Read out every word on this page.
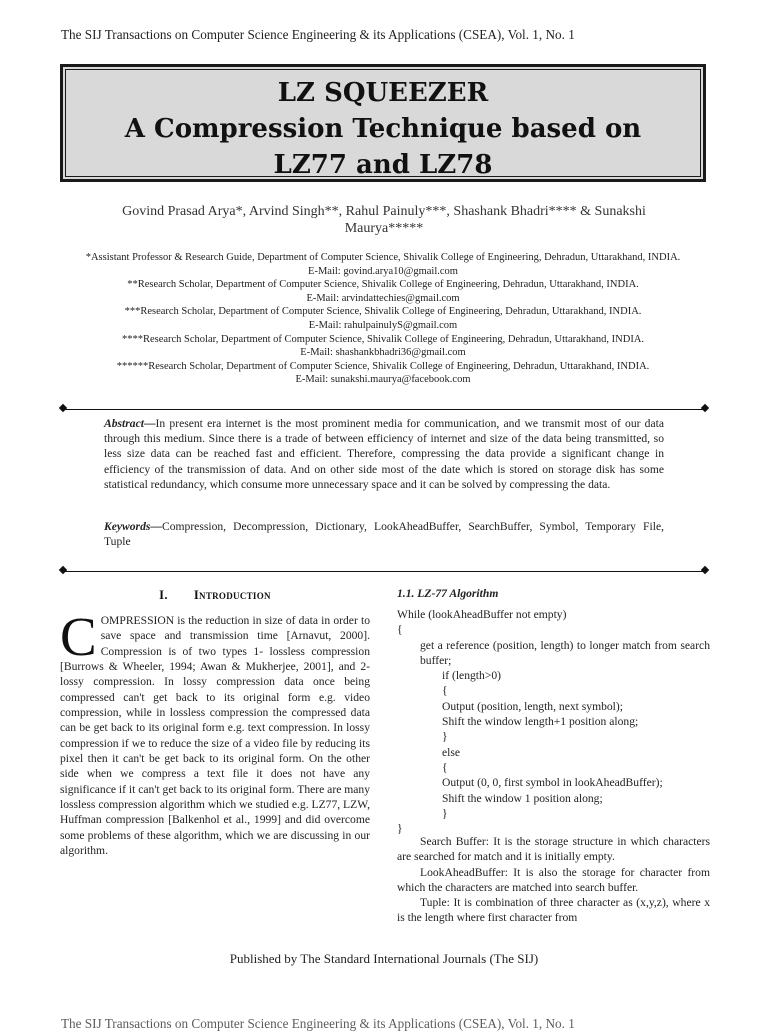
The SIJ Transactions on Computer Science Engineering & its Applications (CSEA), Vol. 1, No. 1
LZ SQUEEZER
A Compression Technique based on
LZ77 and LZ78
Govind Prasad Arya*, Arvind Singh**, Rahul Painuly***, Shashank Bhadri**** & Sunakshi
Maurya*****
*Assistant Professor & Research Guide, Department of Computer Science, Shivalik College of Engineering, Dehradun, Uttarakhand, INDIA.
E-Mail: govind.arya10@gmail.com
**Research Scholar, Department of Computer Science, Shivalik College of Engineering, Dehradun, Uttarakhand, INDIA.
E-Mail: arvindattechies@gmail.com
***Research Scholar, Department of Computer Science, Shivalik College of Engineering, Dehradun, Uttarakhand, INDIA.
E-Mail: rahulpainulyS@gmail.com
****Research Scholar, Department of Computer Science, Shivalik College of Engineering, Dehradun, Uttarakhand, INDIA.
E-Mail: shashankbhadri36@gmail.com
******Research Scholar, Department of Computer Science, Shivalik College of Engineering, Dehradun, Uttarakhand, INDIA.
E-Mail: sunakshi.maurya@facebook.com
Abstract—In present era internet is the most prominent media for communication, and we transmit most of our data through this medium. Since there is a trade of between efficiency of internet and size of the data being transmitted, so less size data can be reached fast and efficient. Therefore, compressing the data provide a significant change in efficiency of the transmission of data. And on other side most of the date which is stored on storage disk has some statistical redundancy, which consume more unnecessary space and it can be solved by compressing the data.
Keywords—Compression, Decompression, Dictionary, LookAheadBuffer, SearchBuffer, Symbol, Temporary File, Tuple
I. Introduction
COMPRESSION is the reduction in size of data in order to save space and transmission time [Arnavut, 2000]. Compression is of two types 1- lossless compression [Burrows & Wheeler, 1994; Awan & Mukherjee, 2001], and 2- lossy compression. In lossy compression data once being compressed can't get back to its original form e.g. video compression, while in lossless compression the compressed data can be get back to its original form e.g. text compression. In lossy compression if we to reduce the size of a video file by reducing its pixel then it can't be get back to its original form. On the other side when we compress a text file it does not have any significance if it can't get back to its original form. There are many lossless compression algorithm which we studied e.g. LZ77, LZW, Huffman compression [Balkenhol et al., 1999] and did overcome some problems of these algorithm, which we are discussing in our algorithm.
1.1. LZ-77 Algorithm
While (lookAheadBuffer not empty)
{
get a reference (position, length) to longer match from search buffer;
if (length>0)
{
Output (position, length, next symbol);
Shift the window length+1 position along;
}
else
{
Output (0, 0, first symbol in lookAheadBuffer);
Shift the window 1 position along;
}
}

Search Buffer: It is the storage structure in which characters are searched for match and it is initially empty.

LookAheadBuffer: It is also the storage for character from which the characters are matched into search buffer.

Tuple: It is combination of three character as (x,y,z), where x is the length where first character from

Published by The Standard International Journals (The SIJ)
The SIJ Transactions on Computer Science Engineering & its Applications (CSEA), Vol. 1, No. 1
